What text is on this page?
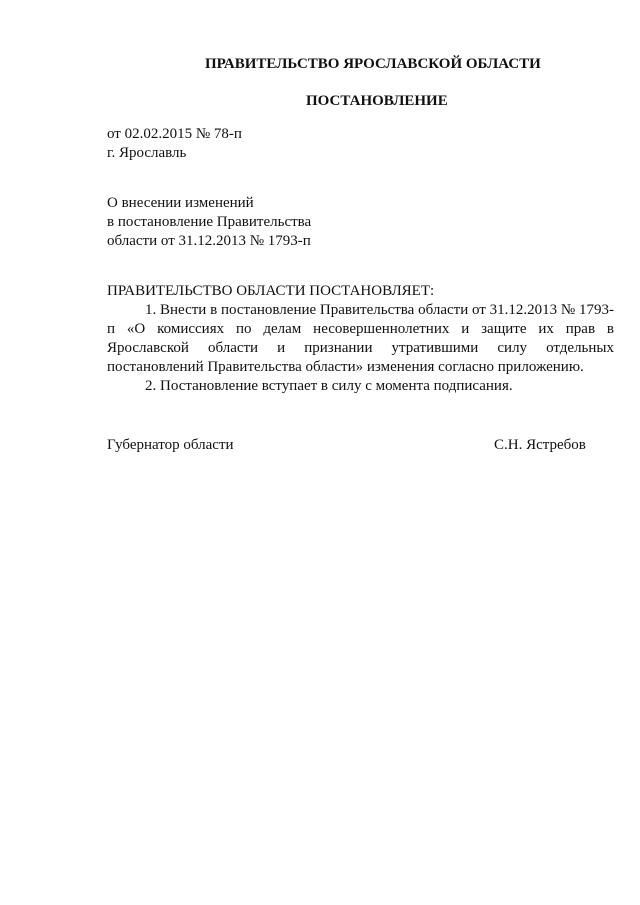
ПРАВИТЕЛЬСТВО ЯРОСЛАВСКОЙ ОБЛАСТИ
ПОСТАНОВЛЕНИЕ
от 02.02.2015 № 78-п
г. Ярославль
О внесении изменений
в постановление Правительства
области от 31.12.2013 № 1793-п
ПРАВИТЕЛЬСТВО ОБЛАСТИ ПОСТАНОВЛЯЕТ:

1. Внести в постановление Правительства области от 31.12.2013 № 1793-п «О комиссиях по делам несовершеннолетних и защите их прав в Ярославской области и признании утратившими силу отдельных постановлений Правительства области» изменения согласно приложению.

2. Постановление вступает в силу с момента подписания.

Губернатор области	С.Н. Ястребов
